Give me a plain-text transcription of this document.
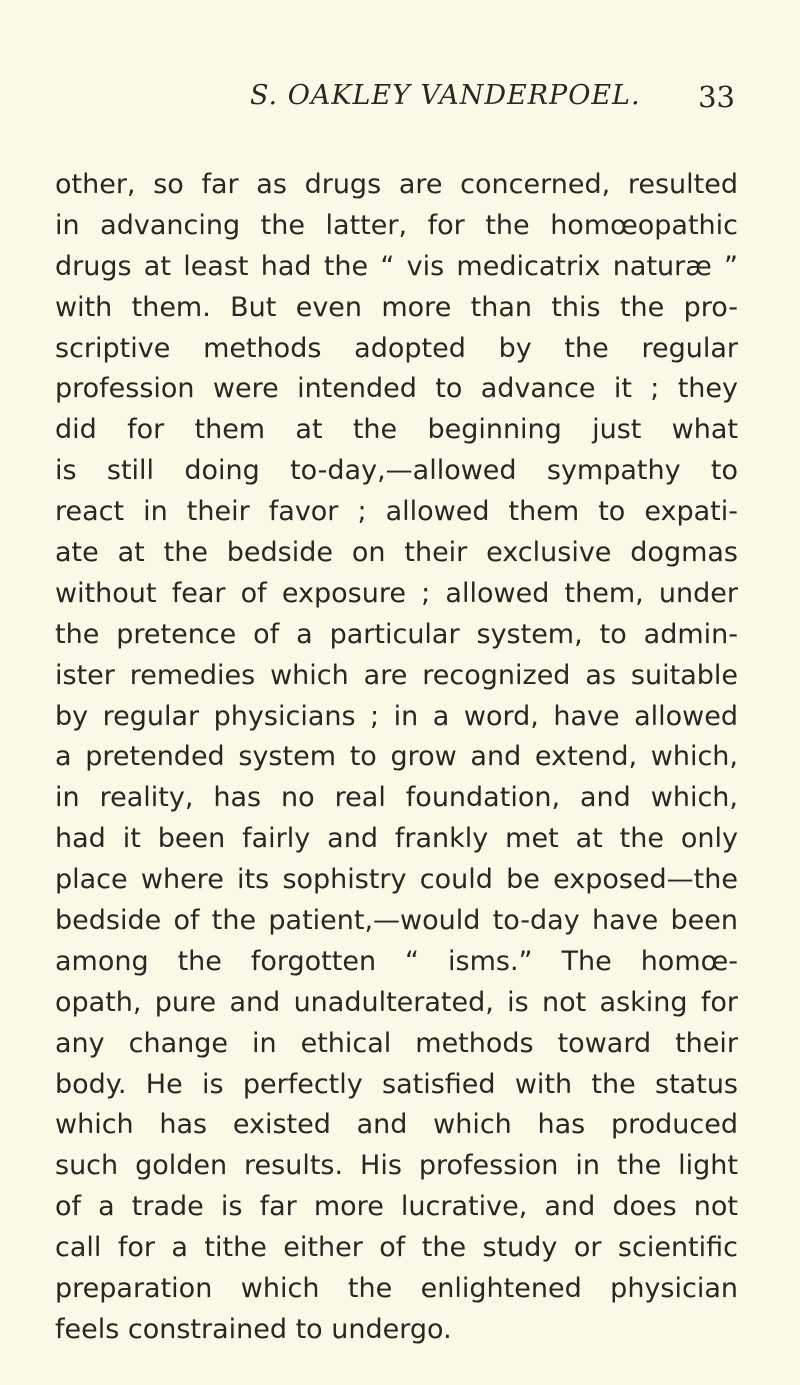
S. OAKLEY VANDERPOEL. 33
other, so far as drugs are concerned, resulted
in advancing the latter, for the homœopathic
drugs at least had the “ vis medicatrix naturæ ”
with them. But even more than this the pro-
scriptive methods adopted by the regular
profession were intended to advance it ; they
did for them at the beginning just what
is still doing to-day,—allowed sympathy to
react in their favor ; allowed them to expati-
ate at the bedside on their exclusive dogmas
without fear of exposure ; allowed them, under
the pretence of a particular system, to admin-
ister remedies which are recognized as suitable
by regular physicians ; in a word, have allowed
a pretended system to grow and extend, which,
in reality, has no real foundation, and which,
had it been fairly and frankly met at the only
place where its sophistry could be exposed—the
bedside of the patient,—would to-day have been
among the forgotten “ isms.” The homœ-
opath, pure and unadulterated, is not asking for
any change in ethical methods toward their
body. He is perfectly satisfied with the status
which has existed and which has produced
such golden results. His profession in the light
of a trade is far more lucrative, and does not
call for a tithe either of the study or scientific
preparation which the enlightened physician
feels constrained to undergo.
